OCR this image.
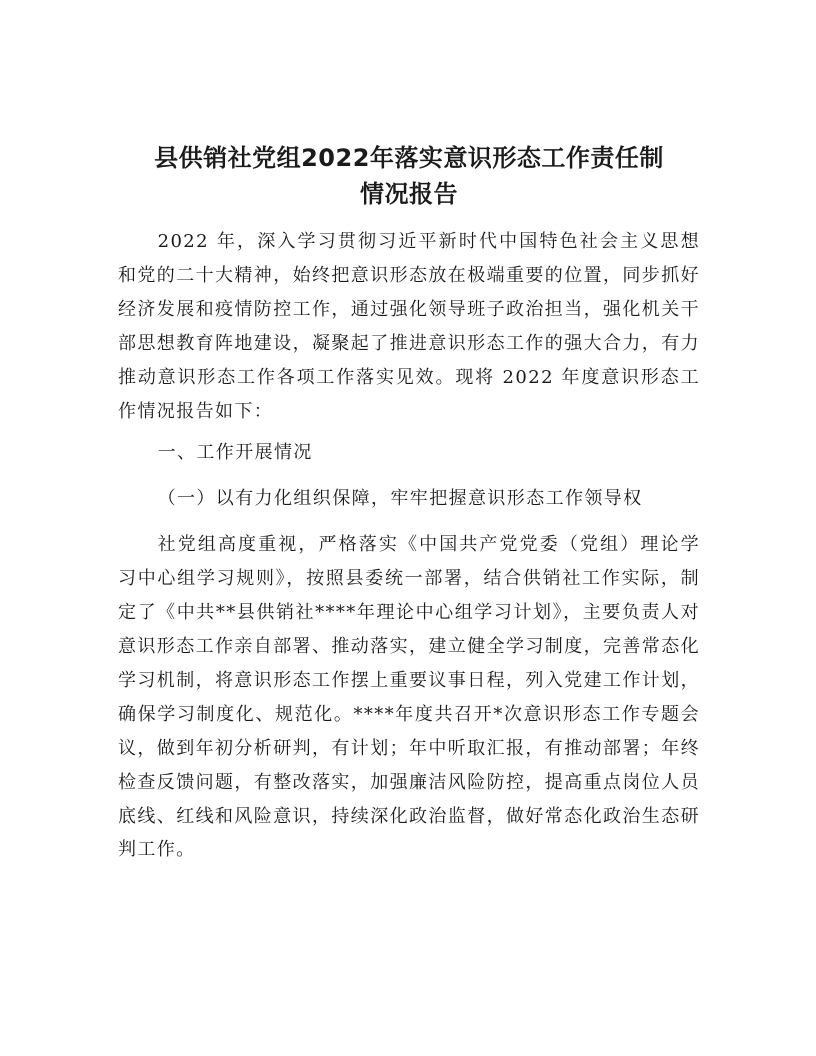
县供销社党组2022年落实意识形态工作责任制
情况报告

2022 年，深入学习贯彻习近平新时代中国特色社会主义思想和党的二十大精神，始终把意识形态放在极端重要的位置，同步抓好经济发展和疫情防控工作，通过强化领导班子政治担当，强化机关干部思想教育阵地建设，凝聚起了推进意识形态工作的强大合力，有力推动意识形态工作各项工作落实见效。现将 2022 年度意识形态工作情况报告如下：

一、工作开展情况

（一）以有力化组织保障，牢牢把握意识形态工作领导权

社党组高度重视，严格落实《中国共产党党委（党组）理论学习中心组学习规则》，按照县委统一部署，结合供销社工作实际，制定了《中共**县供销社****年理论中心组学习计划》，主要负责人对意识形态工作亲自部署、推动落实，建立健全学习制度，完善常态化学习机制，将意识形态工作摆上重要议事日程，列入党建工作计划，确保学习制度化、规范化。****年度共召开*次意识形态工作专题会议，做到年初分析研判，有计划；年中听取汇报，有推动部署；年终检查反馈问题，有整改落实，加强廉洁风险防控，提高重点岗位人员底线、红线和风险意识，持续深化政治监督，做好常态化政治生态研判工作。
